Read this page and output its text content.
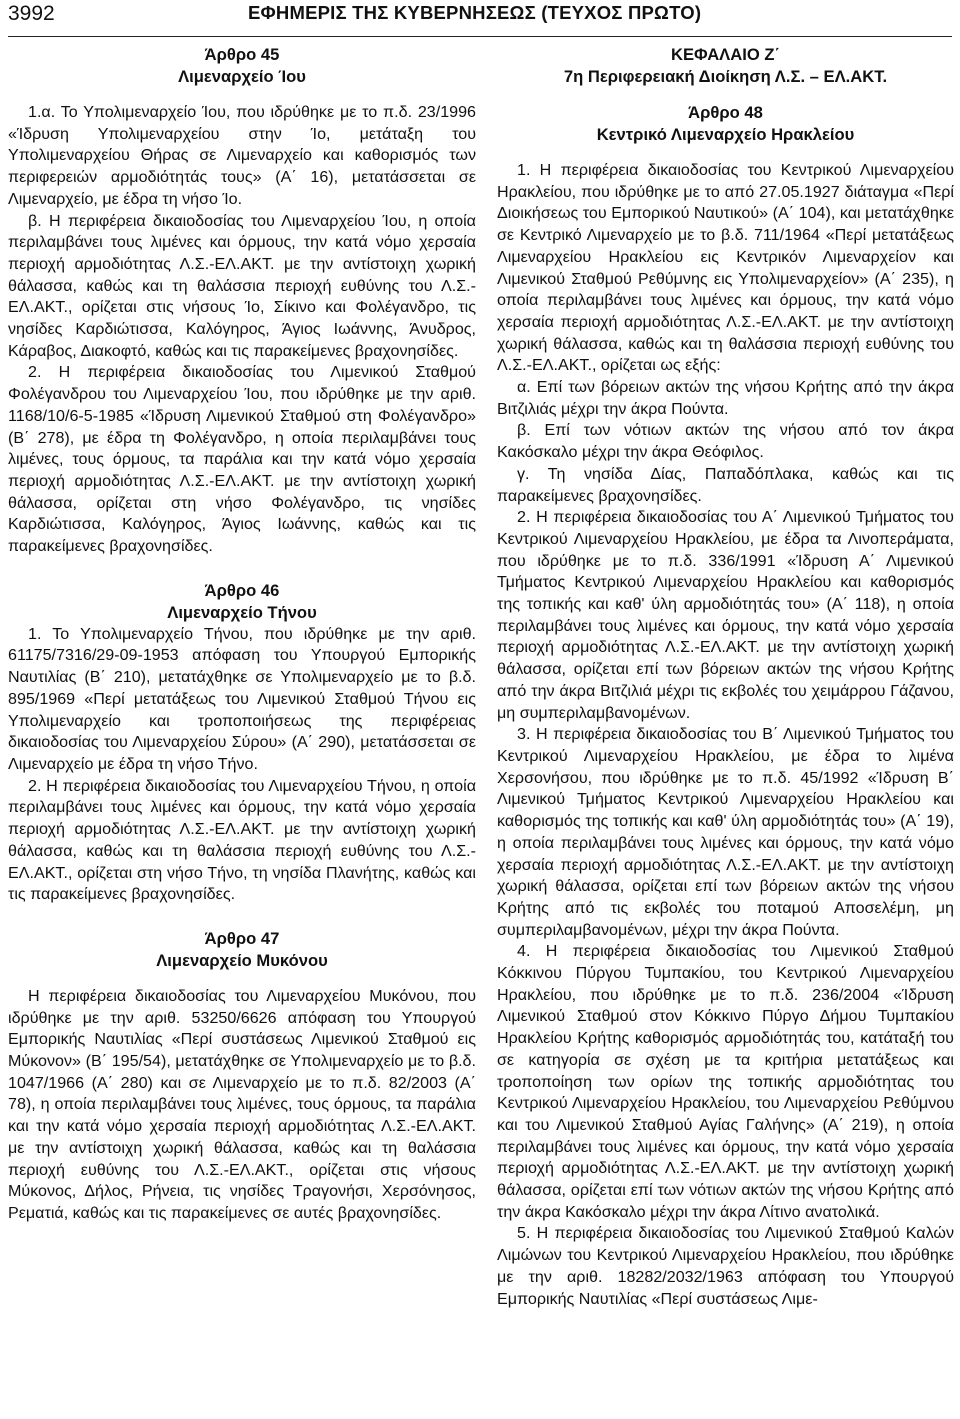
3992	ΕΦΗΜΕΡΙΣ ΤΗΣ ΚΥΒΕΡΝΗΣΕΩΣ (ΤΕΥΧΟΣ ΠΡΩΤΟ)
Άρθρο 45
Λιμεναρχείο Ίου

1.α. Το Υπολιμεναρχείο Ίου, που ιδρύθηκε με το π.δ. 23/1996 «Ίδρυση Υπολιμεναρχείου στην Ίο, μετάταξη του Υπολιμεναρχείου Θήρας σε Λιμεναρχείο και καθορισμός των περιφερειών αρμοδιότητάς τους» (Α΄ 16), μετατάσσεται σε Λιμεναρχείο, με έδρα τη νήσο Ίο.

β. Η περιφέρεια δικαιοδοσίας του Λιμεναρχείου Ίου, η οποία περιλαμβάνει τους λιμένες και όρμους, την κατά νόμο χερσαία περιοχή αρμοδιότητας Λ.Σ.-ΕΛ.ΑΚΤ. με την αντίστοιχη χωρική θάλασσα, καθώς και τη θαλάσσια περιοχή ευθύνης του Λ.Σ.-ΕΛ.ΑΚΤ., ορίζεται στις νήσους Ίο, Σίκινο και Φολέγανδρο, τις νησίδες Καρδιώτισσα, Καλόγηρος, Άγιος Ιωάννης, Άνυδρος, Κάραβος, Διακοφτό, καθώς και τις παρακείμενες βραχονησίδες.

2. Η περιφέρεια δικαιοδοσίας του Λιμενικού Σταθμού Φολέγανδρου του Λιμεναρχείου Ίου, που ιδρύθηκε με την αριθ. 1168/10/6-5-1985 «Ίδρυση Λιμενικού Σταθμού στη Φολέγανδρο» (Β΄ 278), με έδρα τη Φολέγανδρο, η οποία περιλαμβάνει τους λιμένες, τους όρμους, τα παράλια και την κατά νόμο χερσαία περιοχή αρμοδιότητας Λ.Σ.-ΕΛ.ΑΚΤ. με την αντίστοιχη χωρική θάλασσα, ορίζεται στη νήσο Φολέγανδρο, τις νησίδες Καρδιώτισσα, Καλόγηρος, Άγιος Ιωάννης, καθώς και τις παρακείμενες βραχονησίδες.

Άρθρο 46
Λιμεναρχείο Τήνου

1. Το Υπολιμεναρχείο Τήνου, που ιδρύθηκε με την αριθ. 61175/7316/29-09-1953 απόφαση του Υπουργού Εμπορικής Ναυτιλίας (Β΄ 210), μετατάχθηκε σε Υπολιμεναρχείο με το β.δ. 895/1969 «Περί μετατάξεως του Λιμενικού Σταθμού Τήνου εις Υπολιμεναρχείο και τροποποιήσεως της περιφέρειας δικαιοδοσίας του Λιμεναρχείου Σύρου» (Α΄ 290), μετατάσσεται σε Λιμεναρχείο με έδρα τη νήσο Τήνο.

2. Η περιφέρεια δικαιοδοσίας του Λιμεναρχείου Τήνου, η οποία περιλαμβάνει τους λιμένες και όρμους, την κατά νόμο χερσαία περιοχή αρμοδιότητας Λ.Σ.-ΕΛ.ΑΚΤ. με την αντίστοιχη χωρική θάλασσα, καθώς και τη θαλάσσια περιοχή ευθύνης του Λ.Σ.-ΕΛ.ΑΚΤ., ορίζεται στη νήσο Τήνο, τη νησίδα Πλανήτης, καθώς και τις παρακείμενες βραχονησίδες.

Άρθρο 47
Λιμεναρχείο Μυκόνου

Η περιφέρεια δικαιοδοσίας του Λιμεναρχείου Μυκόνου, που ιδρύθηκε με την αριθ. 53250/6626 απόφαση του Υπουργού Εμπορικής Ναυτιλίας «Περί συστάσεως Λιμενικού Σταθμού εις Μύκονον» (Β΄ 195/54), μετατάχθηκε σε Υπολιμεναρχείο με το β.δ. 1047/1966 (Α΄ 280) και σε Λιμεναρχείο με το π.δ. 82/2003 (Α΄ 78), η οποία περιλαμβάνει τους λιμένες, τους όρμους, τα παράλια και την κατά νόμο χερσαία περιοχή αρμοδιότητας Λ.Σ.-ΕΛ.ΑΚΤ. με την αντίστοιχη χωρική θάλασσα, καθώς και τη θαλάσσια περιοχή ευθύνης του Λ.Σ.-ΕΛ.ΑΚΤ., ορίζεται στις νήσους Μύκονος, Δήλος, Ρήνεια, τις νησίδες Τραγονήσι, Χερσόνησος, Ρεματιά, καθώς και τις παρακείμενες σε αυτές βραχονησίδες.

ΚΕΦΑΛΑΙΟ Ζ΄
7η Περιφερειακή Διοίκηση Λ.Σ. – ΕΛ.ΑΚΤ.
Άρθρο 48
Κεντρικό Λιμεναρχείο Ηρακλείου

1. Η περιφέρεια δικαιοδοσίας του Κεντρικού Λιμεναρχείου Ηρακλείου, που ιδρύθηκε με το από 27.05.1927 διάταγμα «Περί Διοικήσεως του Εμπορικού Ναυτικού» (Α΄ 104), και μετατάχθηκε σε Κεντρικό Λιμεναρχείο με το β.δ. 711/1964 «Περί μετατάξεως Λιμεναρχείου Ηρακλείου εις Κεντρικόν Λιμεναρχείον και Λιμενικού Σταθμού Ρεθύμνης εις Υπολιμεναρχείον» (Α΄ 235), η οποία περιλαμβάνει τους λιμένες και όρμους, την κατά νόμο χερσαία περιοχή αρμοδιότητας Λ.Σ.-ΕΛ.ΑΚΤ. με την αντίστοιχη χωρική θάλασσα, καθώς και τη θαλάσσια περιοχή ευθύνης του Λ.Σ.-ΕΛ.ΑΚΤ., ορίζεται ως εξής:

α. Επί των βόρειων ακτών της νήσου Κρήτης από την άκρα Βιτζιλιάς μέχρι την άκρα Πούντα.

β. Επί των νότιων ακτών της νήσου από τον άκρα Κακόσκαλο μέχρι την άκρα Θεόφιλος.

γ. Τη νησίδα Δίας, Παπαδόπλακα, καθώς και τις παρακείμενες βραχονησίδες.

2. Η περιφέρεια δικαιοδοσίας του Α΄ Λιμενικού Τμήματος του Κεντρικού Λιμεναρχείου Ηρακλείου, με έδρα τα Λινοπεράματα, που ιδρύθηκε με το π.δ. 336/1991 «Ίδρυση Α΄ Λιμενικού Τμήματος Κεντρικού Λιμεναρχείου Ηρακλείου και καθορισμός της τοπικής και καθ' ύλη αρμοδιότητάς του» (Α΄ 118), η οποία περιλαμβάνει τους λιμένες και όρμους, την κατά νόμο χερσαία περιοχή αρμοδιότητας Λ.Σ.-ΕΛ.ΑΚΤ. με την αντίστοιχη χωρική θάλασσα, ορίζεται επί των βόρειων ακτών της νήσου Κρήτης από την άκρα Βιτζιλιά μέχρι τις εκβολές του χειμάρρου Γάζανου, μη συμπεριλαμβανομένων.

3. Η περιφέρεια δικαιοδοσίας του Β΄ Λιμενικού Τμήματος του Κεντρικού Λιμεναρχείου Ηρακλείου, με έδρα το λιμένα Χερσονήσου, που ιδρύθηκε με το π.δ. 45/1992 «Ίδρυση Β΄ Λιμενικού Τμήματος Κεντρικού Λιμεναρχείου Ηρακλείου και καθορισμός της τοπικής και καθ' ύλη αρμοδιότητάς του» (Α΄ 19), η οποία περιλαμβάνει τους λιμένες και όρμους, την κατά νόμο χερσαία περιοχή αρμοδιότητας Λ.Σ.-ΕΛ.ΑΚΤ. με την αντίστοιχη χωρική θάλασσα, ορίζεται επί των βόρειων ακτών της νήσου Κρήτης από τις εκβολές του ποταμού Αποσελέμη, μη συμπεριλαμβανομένων, μέχρι την άκρα Πούντα.

4. Η περιφέρεια δικαιοδοσίας του Λιμενικού Σταθμού Κόκκινου Πύργου Τυμπακίου, του Κεντρικού Λιμεναρχείου Ηρακλείου, που ιδρύθηκε με το π.δ. 236/2004 «Ίδρυση Λιμενικού Σταθμού στον Κόκκινο Πύργο Δήμου Τυμπακίου Ηρακλείου Κρήτης καθορισμός αρμοδιότητάς του, κατάταξή του σε κατηγορία σε σχέση με τα κριτήρια μετατάξεως και τροποποίηση των ορίων της τοπικής αρμοδιότητας του Κεντρικού Λιμεναρχείου Ηρακλείου, του Λιμεναρχείου Ρεθύμνου και του Λιμενικού Σταθμού Αγίας Γαλήνης» (Α΄ 219), η οποία περιλαμβάνει τους λιμένες και όρμους, την κατά νόμο χερσαία περιοχή αρμοδιότητας Λ.Σ.-ΕΛ.ΑΚΤ. με την αντίστοιχη χωρική θάλασσα, ορίζεται επί των νότιων ακτών της νήσου Κρήτης από την άκρα Κακόσκαλο μέχρι την άκρα Λίτινο ανατολικά.

5. Η περιφέρεια δικαιοδοσίας του Λιμενικού Σταθμού Καλών Λιμώνων του Κεντρικού Λιμεναρχείου Ηρακλείου, που ιδρύθηκε με την αριθ. 18282/2032/1963 απόφαση του Υπουργού Εμπορικής Ναυτιλίας «Περί συστάσεως Λιμε-
